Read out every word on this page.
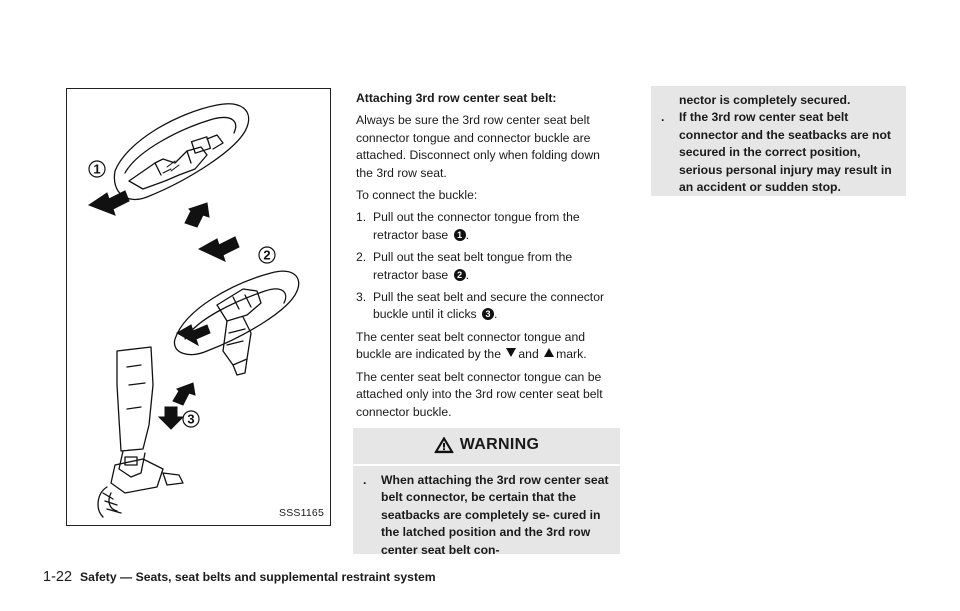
1
2
3
SSS1165
Attaching 3rd row center seat belt:

Always be sure the 3rd row center seat belt connector tongue and connector buckle are attached. Disconnect only when folding down the 3rd row seat.

To connect the buckle:

1. Pull out the connector tongue from the retractor base 1 .
2. Pull out the seat belt tongue from the retractor base 2 .
3. Pull the seat belt and secure the connector buckle until it clicks 3 .

The center seat belt connector tongue and buckle are indicated by the and mark.

The center seat belt connector tongue can be attached only into the 3rd row center seat belt connector buckle.

WARNING
. When attaching the 3rd row center seat belt connector, be certain that the seatbacks are completely se- cured in the latched position and the 3rd row center seat belt con-
nector is completely secured.
. If the 3rd row center seat belt connector and the seatbacks are not secured in the correct position, serious personal injury may result in an accident or sudden stop.
1-22 Safety — Seats, seat belts and supplemental restraint system
